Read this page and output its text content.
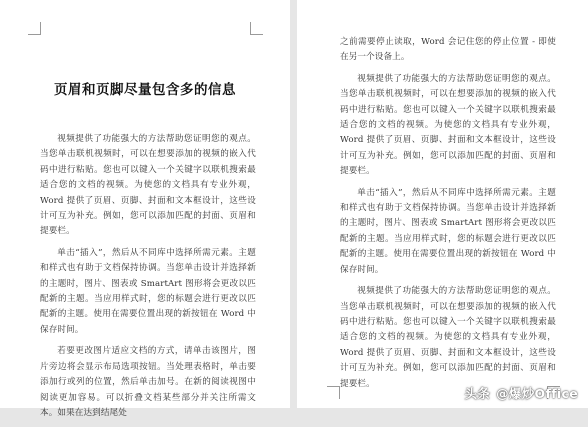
页眉和页脚尽量包含多的信息

视频提供了功能强大的方法帮助您证明您的观点。当您单击联机视频时，可以在想要添加的视频的嵌入代码中进行粘贴。您也可以键入一个关键字以联机搜索最适合您的文档的视频。为使您的文档具有专业外观，Word 提供了页眉、页脚、封面和文本框设计，这些设计可互为补充。例如，您可以添加匹配的封面、页眉和提要栏。

单击“插入”，然后从不同库中选择所需元素。主题和样式也有助于文档保持协调。当您单击设计并选择新的主题时，图片、图表或 SmartArt 图形将会更改以匹配新的主题。当应用样式时，您的标题会进行更改以匹配新的主题。使用在需要位置出现的新按钮在 Word 中保存时间。

若要更改图片适应文档的方式，请单击该图片，图片旁边将会显示布局选项按钮。当处理表格时，单击要添加行或列的位置，然后单击加号。在新的阅读视图中阅读更加容易。可以折叠文档某些部分并关注所需文本。如果在达到结尾处

之前需要停止读取，Word 会记住您的停止位置 - 即使在另一个设备上。

视频提供了功能强大的方法帮助您证明您的观点。当您单击联机视频时，可以在想要添加的视频的嵌入代码中进行粘贴。您也可以键入一个关键字以联机搜索最适合您的文档的视频。为使您的文档具有专业外观，Word 提供了页眉、页脚、封面和文本框设计，这些设计可互为补充。例如，您可以添加匹配的封面、页眉和提要栏。

单击“插入”，然后从不同库中选择所需元素。主题和样式也有助于文档保持协调。当您单击设计并选择新的主题时，图片、图表或 SmartArt 图形将会更改以匹配新的主题。当应用样式时，您的标题会进行更改以匹配新的主题。使用在需要位置出现的新按钮在 Word 中保存时间。

视频提供了功能强大的方法帮助您证明您的观点。当您单击联机视频时，可以在想要添加的视频的嵌入代码中进行粘贴。您也可以键入一个关键字以联机搜索最适合您的文档的视频。为使您的文档具有专业外观，Word 提供了页眉、页脚、封面和文本框设计，这些设计可互为补充。例如，您可以添加匹配的封面、页眉和提要栏。

头条 @爆炒Office
